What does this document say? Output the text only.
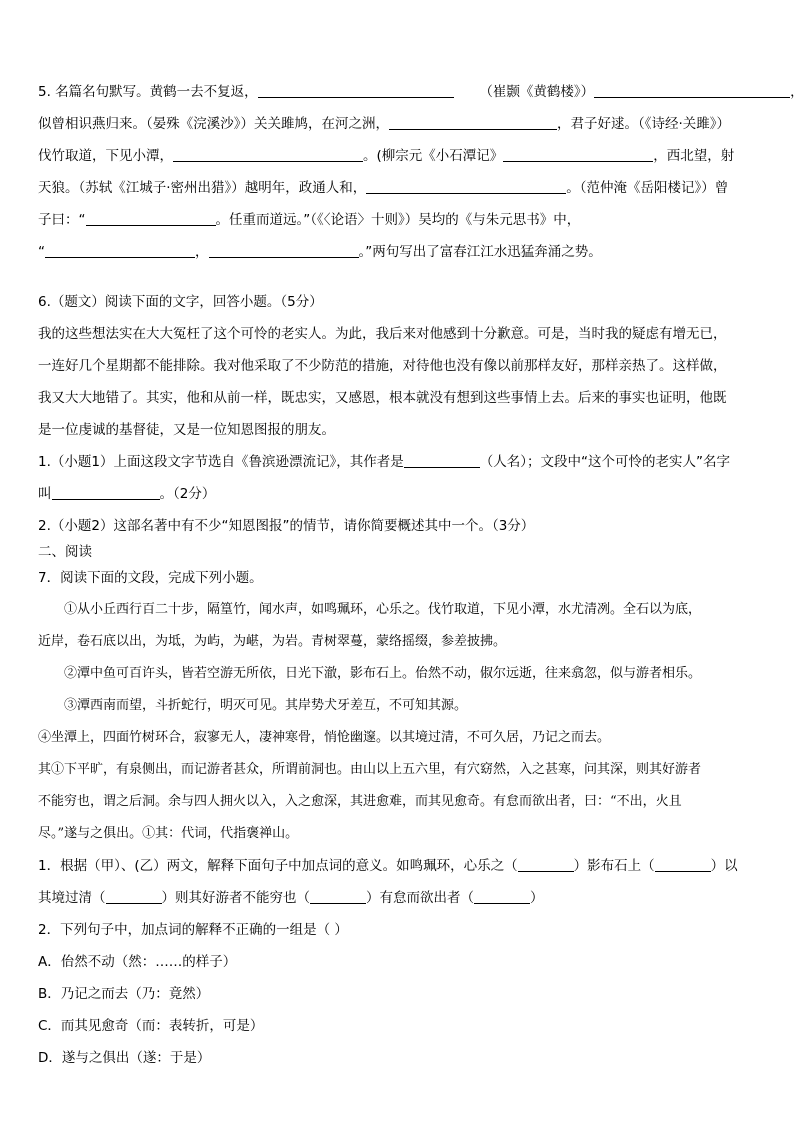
5. 名篇名句默写。黄鹤一去不复返，	（崔颢《黄鹤楼》）	，
似曾相识燕归来。（晏殊《浣溪沙》）关关雎鸠，在河之洲，	，君子好逑。（《诗经·关雎》）
伐竹取道，下见小潭，	。(柳宗元《小石潭记》	，西北望，射
天狼。（苏轼《江城子·密州出猎》）越明年，政通人和，	。（范仲淹《岳阳楼记》）曾
子曰：“	。任重而道远。”（《〈论语〉十则》）吴均的《与朱元思书》中，
“	，	。”两句写出了富春江江水迅猛奔涌之势。
6.（题文）阅读下面的文字，回答小题。（5分）
我的这些想法实在大大冤枉了这个可怜的老实人。为此，我后来对他感到十分歉意。可是，当时我的疑虑有增无已，
一连好几个星期都不能排除。我对他采取了不少防范的措施，对待他也没有像以前那样友好，那样亲热了。这样做，
我又大大地错了。其实，他和从前一样，既忠实，又感恩，根本就没有想到这些事情上去。后来的事实也证明，他既
是一位虔诚的基督徒，又是一位知恩图报的朋友。
1.（小题1）上面这段文字节选自《鲁滨逊漂流记》，其作者是	（人名）；文段中“这个可怜的老实人”名字
叫	。（2分）
2.（小题2）这部名著中有不少“知恩图报”的情节，请你简要概述其中一个。（3分）
二、阅读
7．阅读下面的文段，完成下列小题。
①从小丘西行百二十步，隔篁竹，闻水声，如鸣珮环，心乐之。伐竹取道，下见小潭，水尤清冽。全石以为底，
近岸，卷石底以出，为坻，为屿，为嵁，为岩。青树翠蔓，蒙络摇缀，参差披拂。
②潭中鱼可百许头，皆若空游无所依，日光下澈，影布石上。佁然不动，俶尔远逝，往来翕忽，似与游者相乐。
③潭西南而望，斗折蛇行，明灭可见。其岸势犬牙差互，不可知其源。
④坐潭上，四面竹树环合，寂寥无人，凄神寒骨，悄怆幽邃。以其境过清，不可久居，乃记之而去。
其①下平旷，有泉侧出，而记游者甚众，所谓前洞也。由山以上五六里，有穴窈然，入之甚寒，问其深，则其好游者
不能穷也，谓之后洞。余与四人拥火以入，入之愈深，其进愈难，而其见愈奇。有怠而欲出者，曰：“不出，火且
尽。”遂与之俱出。①其：代词，代指褒禅山。
1．根据（甲）、(乙）两文，解释下面句子中加点词的意义。如鸣珮环，心乐之（	）影布石上（	）以
其境过清（	）则其好游者不能穷也（	）有怠而欲出者（	）
2．下列句子中，加点词的解释不正确的一组是（ ）
A．佁然不动（然：……的样子）
B．乃记之而去（乃：竟然）
C．而其见愈奇（而：表转折，可是）
D．遂与之俱出（遂：于是）
